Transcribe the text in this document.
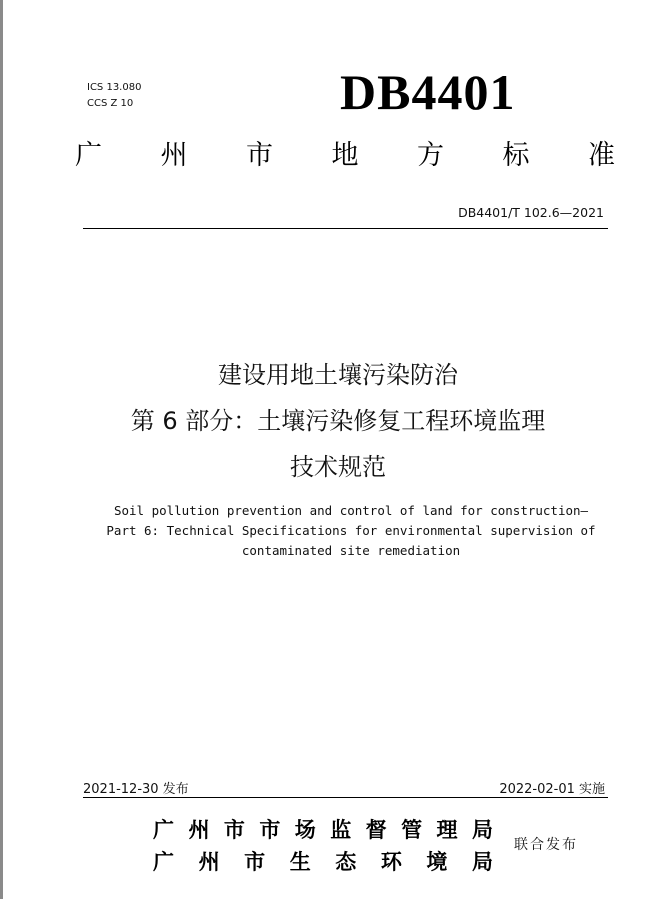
ICS 13.080
CCS Z 10	DB4401
广 州 市 地 方 标 准
DB4401/T 102.6—2021
建设用地土壤污染防治
第 6 部分：土壤污染修复工程环境监理
技术规范
Soil pollution prevention and control of land for construction—
Part 6: Technical Specifications for environmental supervision of
contaminated site remediation
2021-12-30 发布	2022-02-01 实施
广 州 市 市 场 监 督 管 理 局
广 州 市 生 态 环 境 局
联合发布
